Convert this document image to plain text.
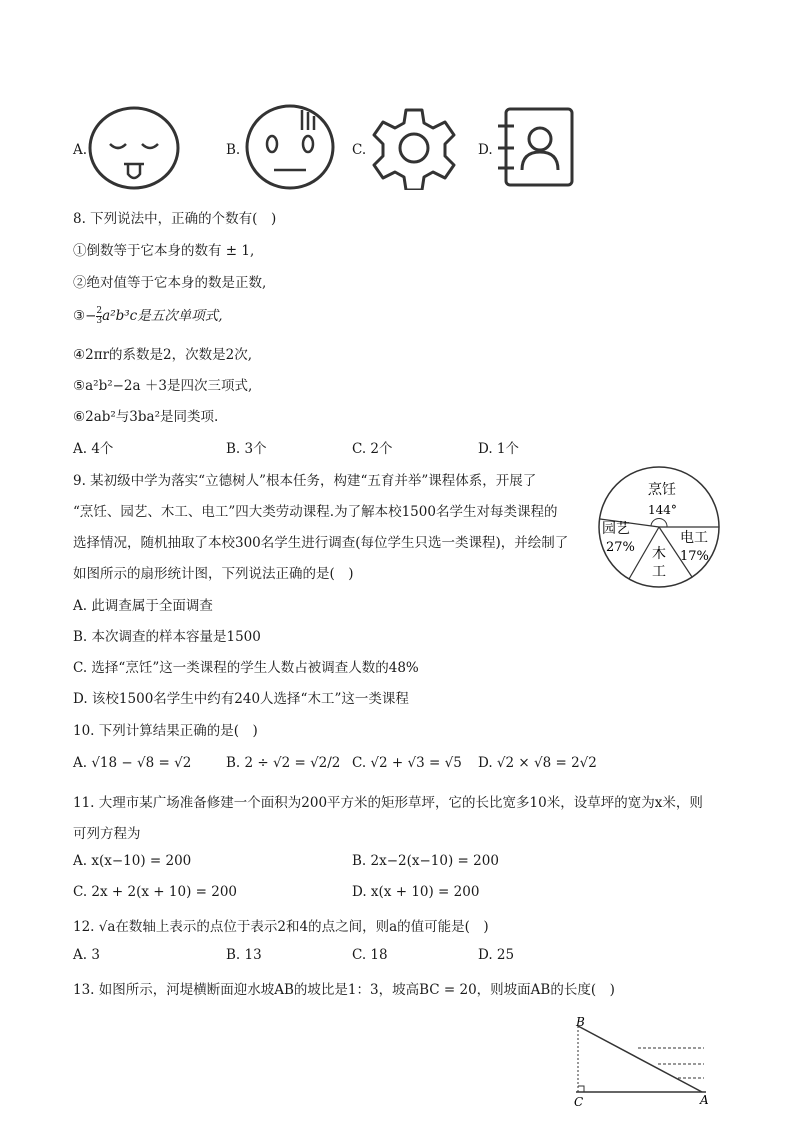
A.	B.	C.	D.
8. 下列说法中，正确的个数有(　)
①倒数等于它本身的数有 ± 1,
②绝对值等于它本身的数是正数,
③− $\frac{2}{3} a^2b^3c$是五次单项式,
④2πr的系数是2，次数是2次,
⑤a²b²−2a ＋3是四次三项式,
⑥2ab²与3ba²是同类项.
A. 4个	B. 3个	C. 2个	D. 1个
9. 某初级中学为落实“立德树人”根本任务，构建“五育并举”课程体系，开展了
“烹饪、园艺、木工、电工”四大类劳动课程.为了解本校1500名学生对每类课程的
选择情况，随机抽取了本校300名学生进行调查(每位学生只选一类课程)，并绘制了
如图所示的扇形统计图，下列说法正确的是(　)
A. 此调查属于全面调查
B. 本次调查的样本容量是1500
C. 选择“烹饪”这一类课程的学生人数占被调查人数的48%
D. 该校1500名学生中约有240人选择“木工”这一类课程
烹饪
144°
园艺
27% 木
工
电工
17%
10. 下列计算结果正确的是(　)
A. √18 − √8 = √2	B. 2 ÷ √2 = √2/2 C. √2 + √3 = √5 D. √2 × √8 = 2√2
11. 大理市某广场准备修建一个面积为200平方米的矩形草坪，它的长比宽多10米，设草坪的宽为x米，则
可列方程为
A. x(x−10) = 200	B. 2x−2(x−10) = 200
C. 2x + 2(x + 10) = 200	D. x(x + 10) = 200
12. √a在数轴上表示的点位于表示2和4的点之间，则a的值可能是(　)
A. 3	B. 13	C. 18	D. 25
13. 如图所示，河堤横断面迎水坡AB的坡比是1：3，坡高BC = 20，则坡面AB的长度(　)
B
C	A
